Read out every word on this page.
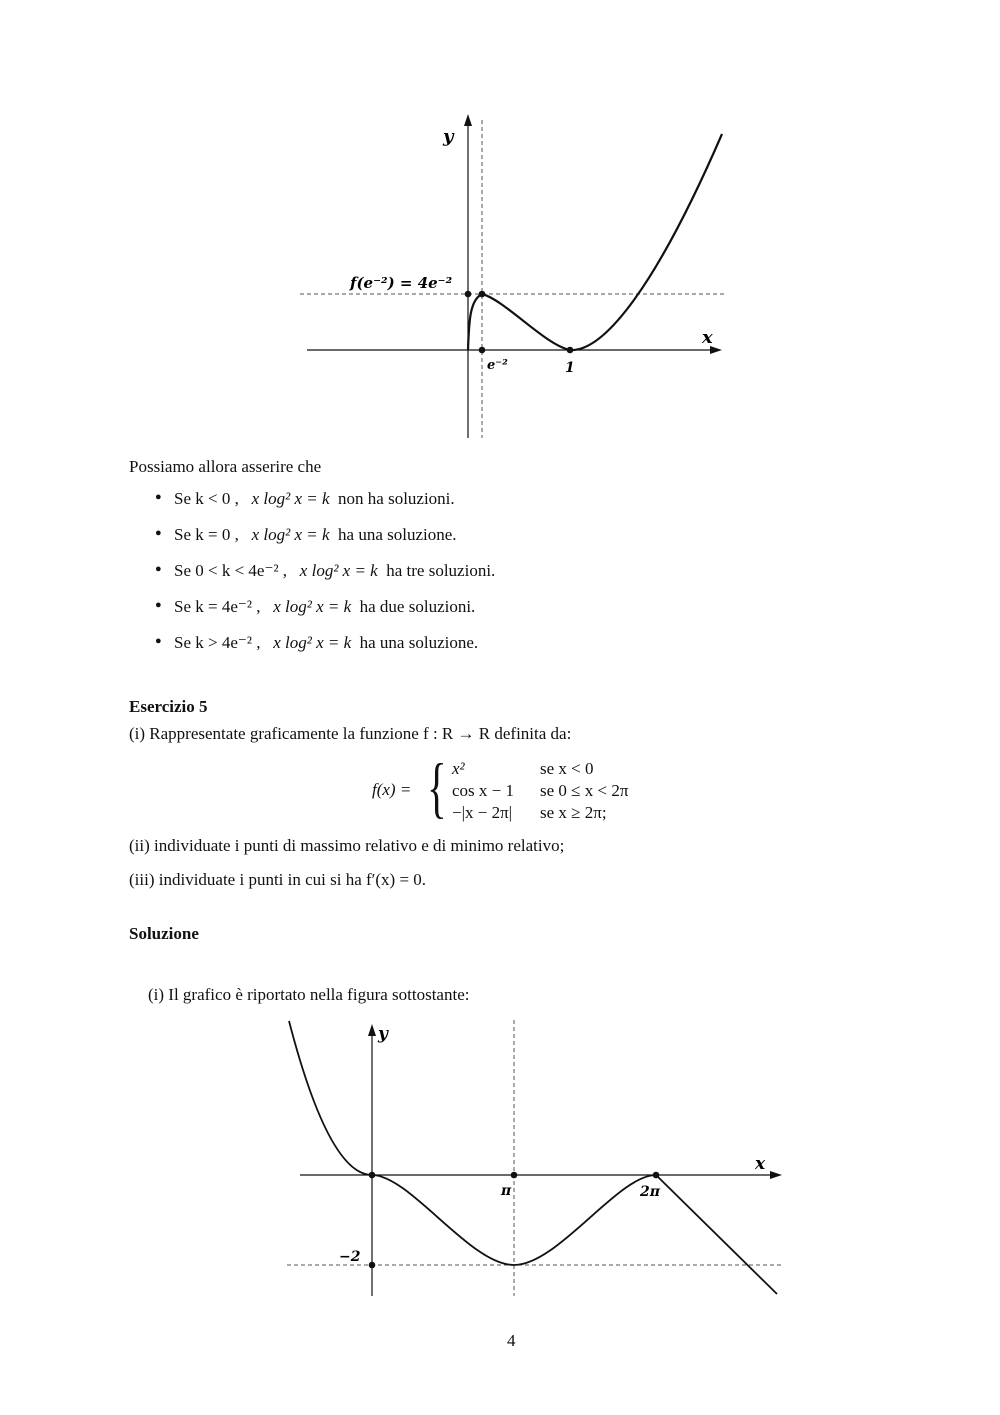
y
x
f(e⁻²) = 4e⁻²
e⁻²	1
Possiamo allora asserire che
● Se k < 0 , x log² x = k non ha soluzioni.
● Se k = 0 , x log² x = k ha una soluzione.
● Se 0 < k < 4e⁻² , x log² x = k ha tre soluzioni.
● Se k = 4e⁻² , x log² x = k ha due soluzioni.
● Se k > 4e⁻² , x log² x = k ha una soluzione.
Esercizio 5
(i) Rappresentate graficamente la funzione f : R → R definita da:
f(x) = { x²	se x < 0
cos x − 1 se 0 ≤ x < 2π
−|x − 2π| se x ≥ 2π;
(ii) individuate i punti di massimo relativo e di minimo relativo;
(iii) individuate i punti in cui si ha f′(x) = 0.
Soluzione
(i) Il grafico è riportato nella figura sottostante:
y
x
π	2π
−2
4
